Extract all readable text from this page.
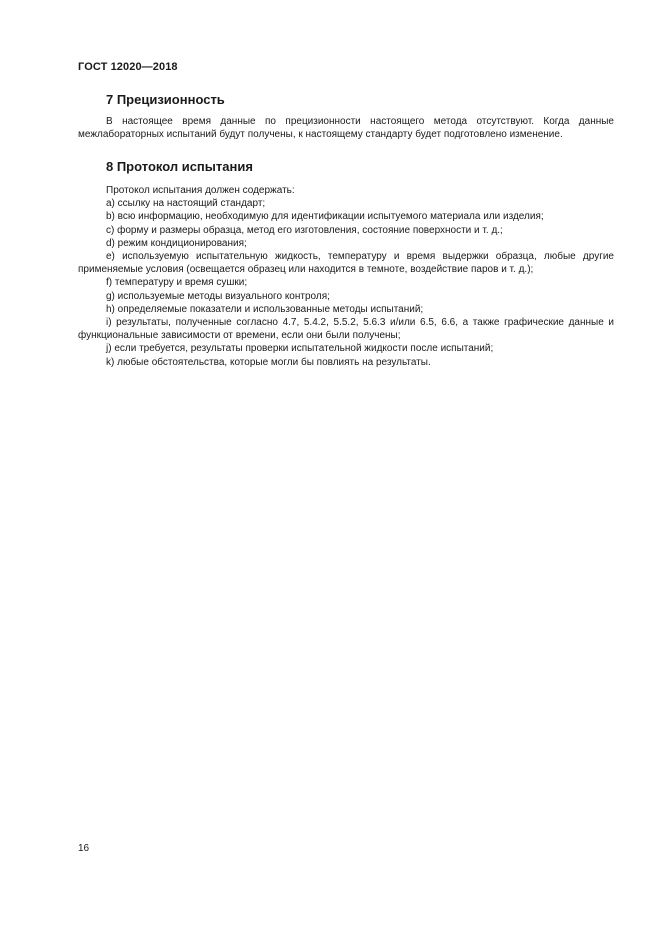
ГОСТ 12020—2018
7 Прецизионность

В настоящее время данные по прецизионности настоящего метода отсутствуют. Когда данные межлабораторных испытаний будут получены, к настоящему стандарту будет подготовлено изменение.

8 Протокол испытания

Протокол испытания должен содержать:

a) ссылку на настоящий стандарт;
b) всю информацию, необходимую для идентификации испытуемого материала или изделия;
c) форму и размеры образца, метод его изготовления, состояние поверхности и т. д.;
d) режим кондиционирования;
e) используемую испытательную жидкость, температуру и время выдержки образца, любые другие применяемые условия (освещается образец или находится в темноте, воздействие паров и т. д.);
f) температуру и время сушки;
g) используемые методы визуального контроля;
h) определяемые показатели и использованные методы испытаний;
i) результаты, полученные согласно 4.7, 5.4.2, 5.5.2, 5.6.3 и/или 6.5, 6.6, а также графические данные и функциональные зависимости от времени, если они были получены;
j) если требуется, результаты проверки испытательной жидкости после испытаний;
k) любые обстоятельства, которые могли бы повлиять на результаты.
16
